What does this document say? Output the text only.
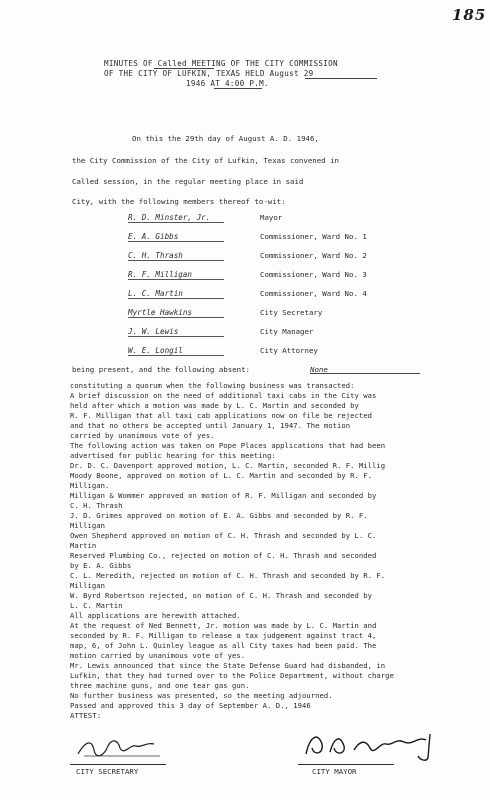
185
MINUTES OF Called MEETING OF THE CITY COMMISSION
OF THE CITY OF LUFKIN, TEXAS HELD August 29
1946 AT 4:00 P.M.
On this the 29th day of August A. D. 1946,
the City Commission of the City of Lufkin, Texas convened in
Called session, in the regular meeting place in said
City, with the following members thereof to-wit:
R. D. Minster, Jr.	Mayor
E. A. Gibbs	Commissioner, Ward No. 1
C. H. Thrash	Commissioner, Ward No. 2
R. F. Milligan	Commissioner, Ward No. 3
L. C. Martin	Commissioner, Ward No. 4
Myrtle Hawkins	City Secretary
J. W. Lewis	City Manager
W. E. Longil	City Attorney
being present, and the following absent:	None
constituting a quorum when the following business was transacted:
A brief discussion on the need of additional taxi cabs in the City was
held after which a motion was made by L. C. Martin and seconded by
R. F. Milligan that all taxi cab applications now on file be rejected
and that no others be accepted until January 1, 1947. The motion
carried by unanimous vote of yes.
The following action was taken on Pope Places applications that had been
advertised for public hearing for this meeting:
Dr. D. C. Davenport approved motion, L. C. Martin, seconded R. F. Millig
Moody Boone, approved on motion of L. C. Martin and seconded by R. F.
Milligan.
Milligan & Wommer approved on motion of R. F. Milligan and seconded by
C. H. Thrash
J. D. Grimes approved on motion of E. A. Gibbs and seconded by R. F.
Milligan
Owen Shepherd approved on motion of C. H. Thrash and seconded by L. C.
Martin
Reserved Plumbing Co., rejected on motion of C. H. Thrash and seconded
by E. A. Gibbs
C. L. Meredith, rejected on motion of C. H. Thrash and seconded by R. F.
Milligan
W. Byrd Robertson rejected, on motion of C. H. Thrash and seconded by
L. C. Martin
All applications are herewith attached.
At the request of Ned Bennett, Jr. motion was made by L. C. Martin and
seconded by R. F. Milligan to release a tax judgement against tract 4,
map, 6, of John L. Quinley league as all City taxes had been paid. The
motion carried by unanimous vote of yes.
Mr. Lewis announced that since the State Defense Guard had disbanded, in
Lufkin, that they had turned over to the Police Department, without charge
three machine guns, and one tear gas gun.
No further business was presented, so the meeting adjourned.
Passed and approved this 3 day of September A. D., 1946
ATTEST:
CITY SECRETARY	CITY MAYOR
